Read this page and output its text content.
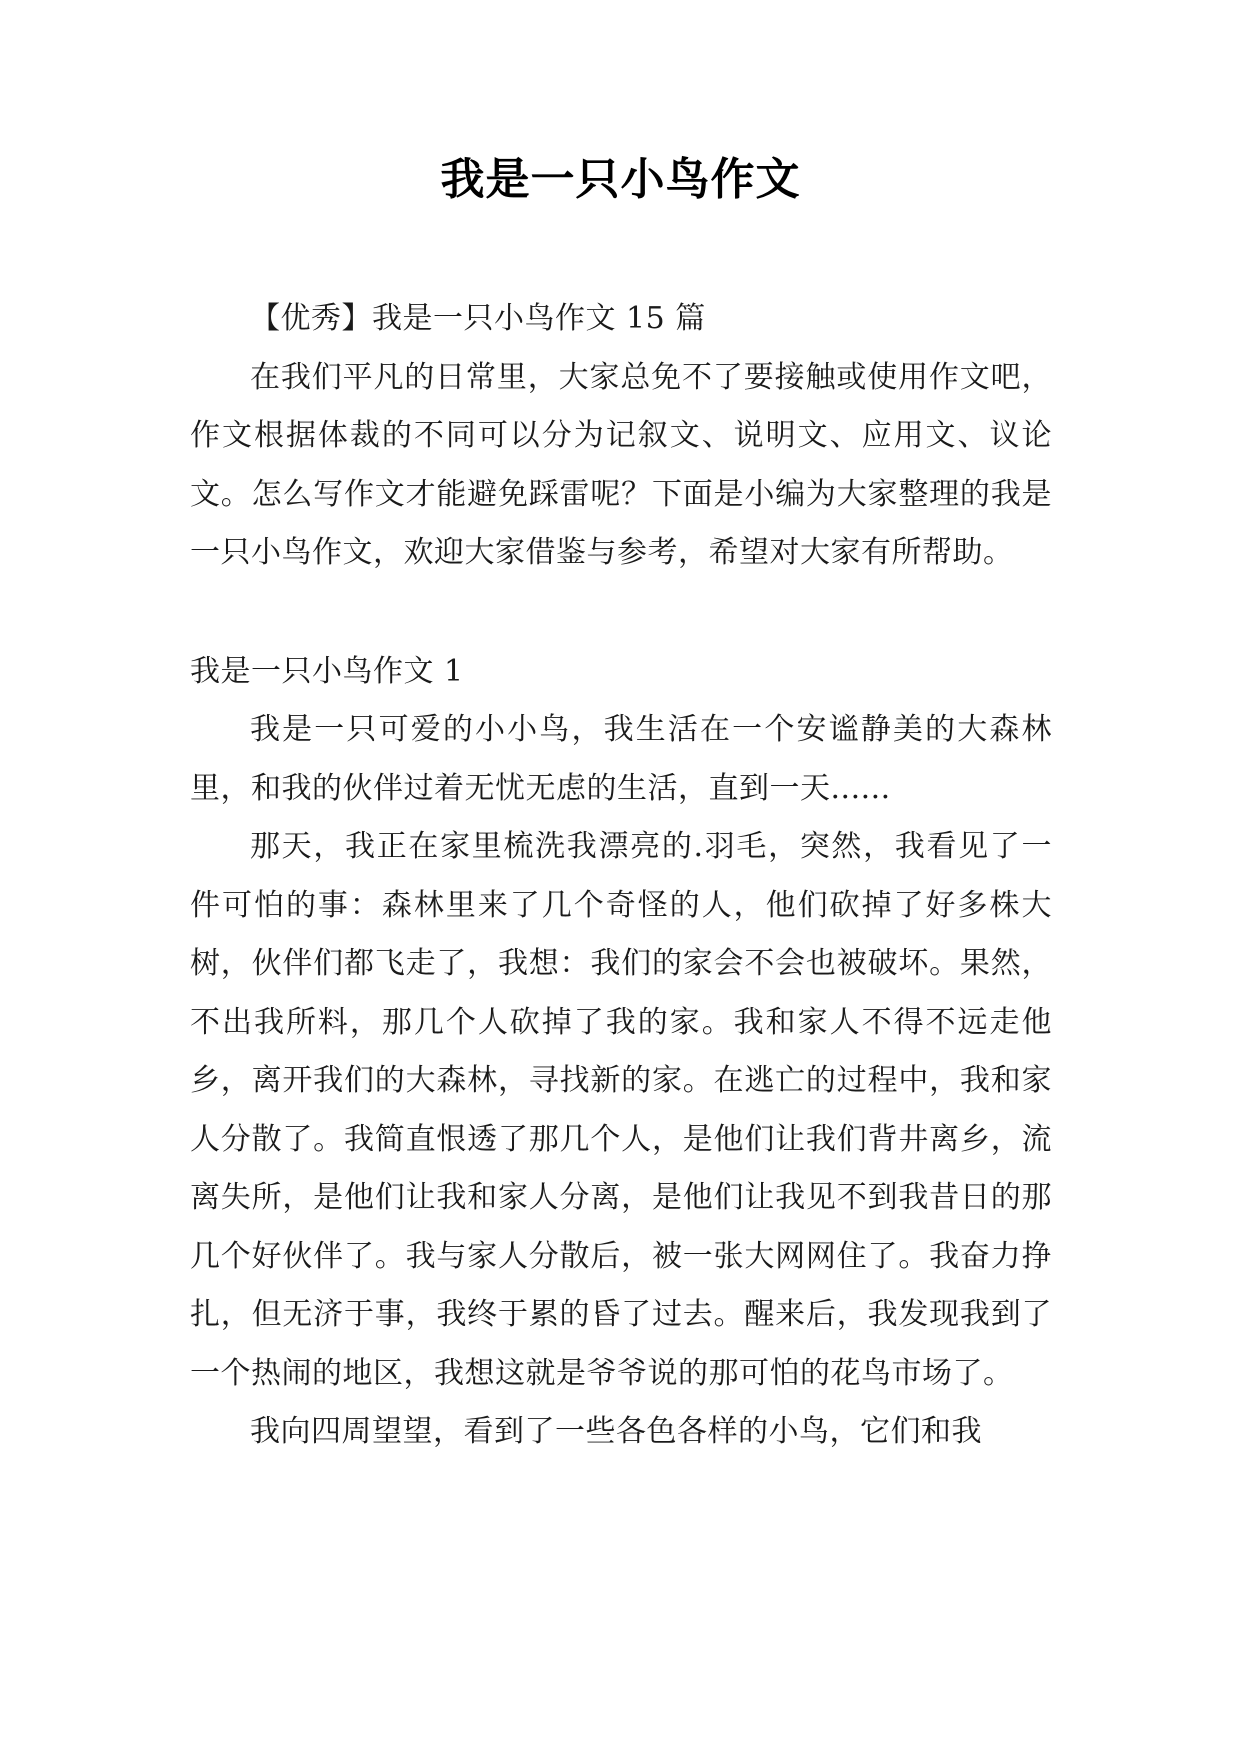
我是一只小鸟作文

【优秀】我是一只小鸟作文 15 篇

在我们平凡的日常里，大家总免不了要接触或使用作文吧，作文根据体裁的不同可以分为记叙文、说明文、应用文、议论文。怎么写作文才能避免踩雷呢？下面是小编为大家整理的我是一只小鸟作文，欢迎大家借鉴与参考，希望对大家有所帮助。

我是一只小鸟作文 1

我是一只可爱的小小鸟，我生活在一个安谧静美的大森林里，和我的伙伴过着无忧无虑的生活，直到一天......

那天，我正在家里梳洗我漂亮的.羽毛，突然，我看见了一件可怕的事：森林里来了几个奇怪的人，他们砍掉了好多株大树，伙伴们都飞走了，我想：我们的家会不会也被破坏。果然，不出我所料，那几个人砍掉了我的家。我和家人不得不远走他乡，离开我们的大森林，寻找新的家。在逃亡的过程中，我和家人分散了。我简直恨透了那几个人，是他们让我们背井离乡，流离失所，是他们让我和家人分离，是他们让我见不到我昔日的那几个好伙伴了。我与家人分散后，被一张大网网住了。我奋力挣扎，但无济于事，我终于累的昏了过去。醒来后，我发现我到了一个热闹的地区，我想这就是爷爷说的那可怕的花鸟市场了。

我向四周望望，看到了一些各色各样的小鸟，它们和我
